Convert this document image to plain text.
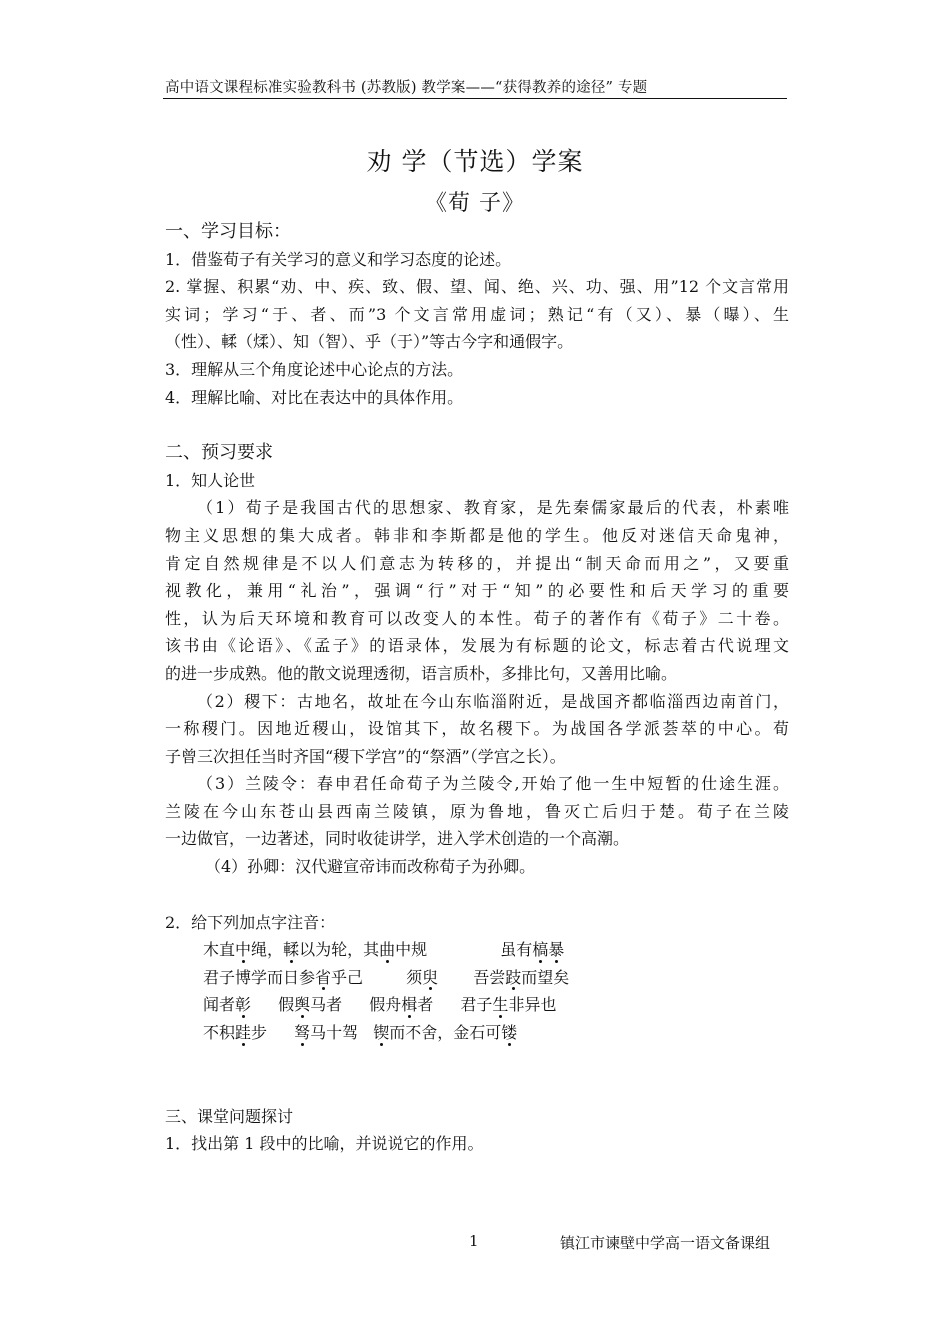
高中语文课程标准实验教科书 (苏教版) 教学案——“获得教养的途径” 专题
劝 学（节选）学案
《荀 子》
一、学习目标：
1．借鉴荀子有关学习的意义和学习态度的论述。
2. 掌握、积累“劝、中、疾、致、假、望、闻、绝、兴、功、强、用”12 个文言常用
实词；学习“于、者、而”3 个文言常用虚词；熟记“有（又）、暴（曝）、生
（性）、輮（煣）、知（智）、乎（于）”等古今字和通假字。
3．理解从三个角度论述中心论点的方法。
4．理解比喻、对比在表达中的具体作用。
二、预习要求
1．知人论世
（1）荀子是我国古代的思想家、教育家，是先秦儒家最后的代表，朴素唯
物主义思想的集大成者。韩非和李斯都是他的学生。他反对迷信天命鬼神，
肯定自然规律是不以人们意志为转移的，并提出“制天命而用之”，又要重
视教化，兼用“礼治”，强调“行”对于“知”的必要性和后天学习的重要
性，认为后天环境和教育可以改变人的本性。荀子的著作有《荀子》二十卷。
该书由《论语》、《孟子》的语录体，发展为有标题的论文，标志着古代说理文
的进一步成熟。他的散文说理透彻，语言质朴，多排比句，又善用比喻。
（2）稷下：古地名，故址在今山东临淄附近，是战国齐都临淄西边南首门，
一称稷门。因地近稷山，设馆其下，故名稷下。为战国各学派荟萃的中心。荀
子曾三次担任当时齐国“稷下学宫”的“祭酒”（学宫之长）。
（3）兰陵令：春申君任命荀子为兰陵令,开始了他一生中短暂的仕途生涯。
兰陵在今山东苍山县西南兰陵镇，原为鲁地，鲁灭亡后归于楚。荀子在兰陵
一边做官，一边著述，同时收徒讲学，进入学术创造的一个高潮。
（4）孙卿：汉代避宣帝讳而改称荀子为孙卿。
2．给下列加点字注音：
木直中绳，輮以为轮，其曲中规	虽有槁暴
君子博学而日参省乎己	须臾 吾尝跂而望矣
闻者彰 假舆马者 假舟楫者 君子生非异也
不积跬步 驽马十驾 锲而不舍，金石可镂
三、课堂问题探讨
1．找出第 1 段中的比喻，并说说它的作用。
1	镇江市谏壁中学高一语文备课组
